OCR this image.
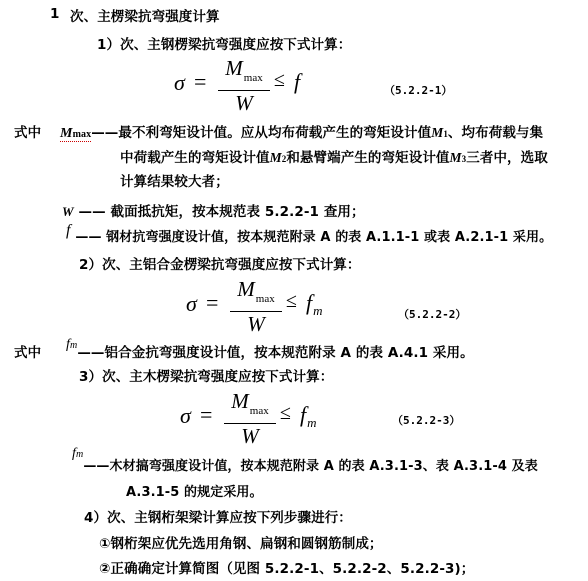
1 次、主楞梁抗弯强度计算
1）次、主钢楞梁抗弯强度应按下式计算：
σ =
$M_{max}$
W
≤ f	（5.2.2-1）
式中 Mmax——最不利弯矩设计值。应从均布荷载产生的弯矩设计值M1、均布荷载与集
中荷载产生的弯矩设计值M2和悬臂端产生的弯矩设计值M3三者中，选取
计算结果较大者；
W —— 截面抵抗矩，按本规范表 5.2.2-1 查用；
f —— 钢材抗弯强度设计值，按本规范附录 A 的表 A.1.1-1 或表 A.2.1-1 采用。
2）次、主铝合金楞梁抗弯强度应按下式计算：
σ =
$M_{max}$
W
≤ $f_m$	（5.2.2-2）
式中
fm——铝合金抗弯强度设计值，按本规范附录 A 的表 A.4.1 采用。
3）次、主木楞梁抗弯强度应按下式计算：
σ =
$M_{max}$
W
≤ $f_m$	（5.2.2-3）
fm——木材搞弯强度设计值，按本规范附录 A 的表 A.3.1-3、表 A.3.1-4 及表
A.3.1-5 的规定采用。
4）次、主钢桁架梁计算应按下列步骤进行：
①钢桁架应优先选用角钢、扁钢和圆钢筋制成；
②正确确定计算简图（见图 5.2.2-1、5.2.2-2、5.2.2-3)；
